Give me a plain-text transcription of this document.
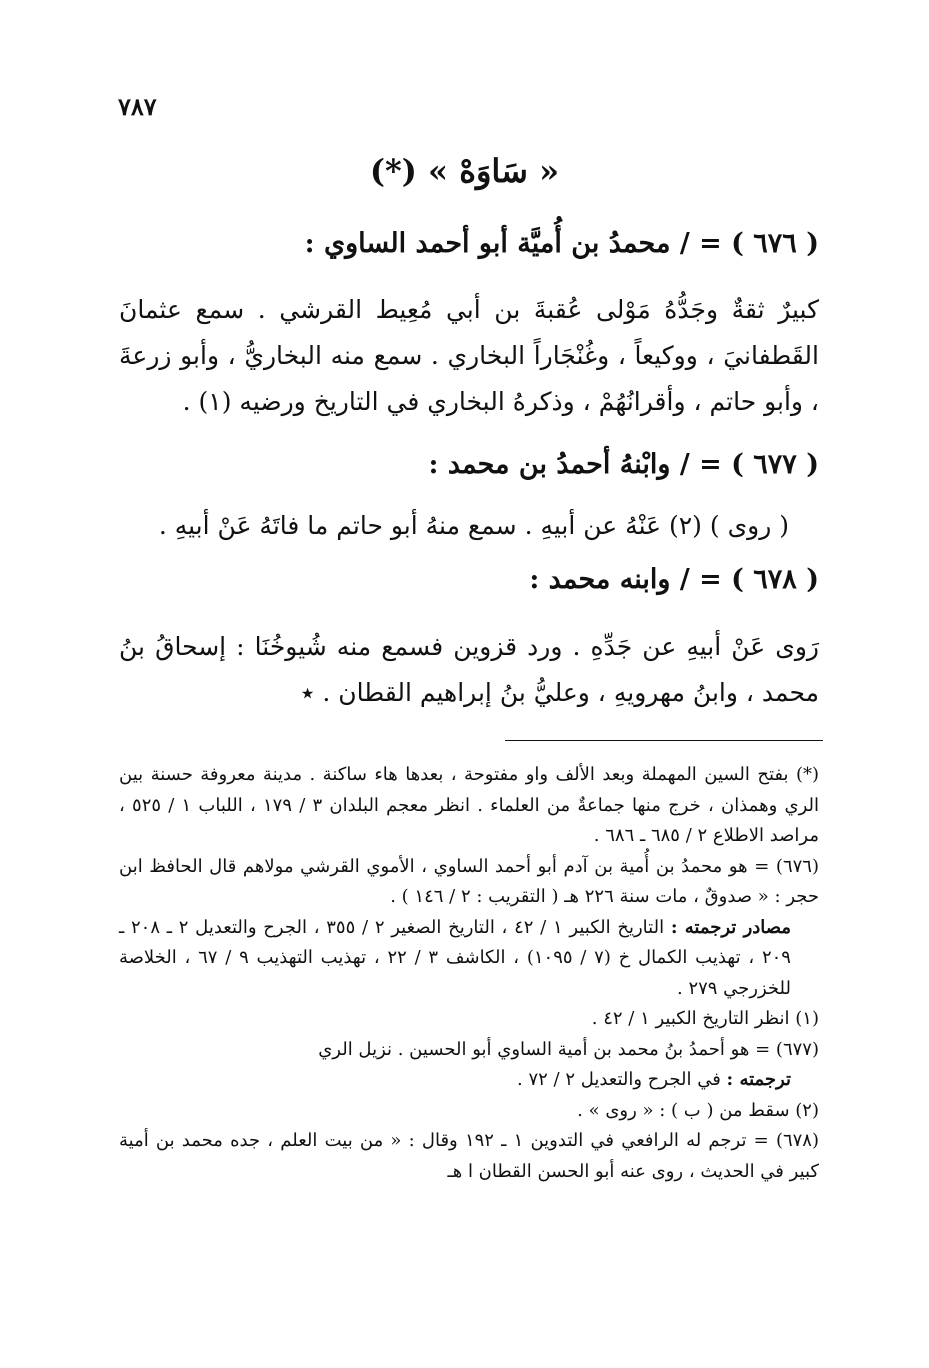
٧٨٧
« سَاوَهْ » (*)
( ٦٧٦ ) = / محمدُ بن أُميَّة أبو أحمد الساوي :
كبيرٌ ثقةٌ وجَدُّهُ مَوْلى عُقبةَ بن أبي مُعِيط القرشي . سمع عثمانَ القَطفانيَ ، ووكيعاً ، وغُنْجَاراً البخاري . سمع منه البخاريُّ ، وأبو زرعةَ ، وأبو حاتم ، وأقرانُهُمْ ، وذكرهُ البخاري في التاريخ ورضيه (١) .
( ٦٧٧ ) = / وابْنهُ أحمدُ بن محمد :
( روى ) (٢) عَنْهُ عن أبيهِ . سمع منهُ أبو حاتم ما فاتَهُ عَنْ أبيهِ .
( ٦٧٨ ) = / وابنه محمد :
رَوى عَنْ أبيهِ عن جَدِّهِ . ورد قزوين فسمع منه شُيوخُنَا : إسحاقُ بنُ محمد ، وابنُ مهرويهِ ، وعليُّ بنُ إبراهيم القطان . ٭
(*) بفتح السين المهملة وبعد الألف واو مفتوحة ، بعدها هاء ساكنة . مدينة معروفة حسنة بين الري وهمذان ، خرج منها جماعةٌ من العلماء . انظر معجم البلدان ٣ / ١٧٩ ، اللباب ١ / ٥٢٥ ، مراصد الاطلاع ٢ / ٦٨٥ ـ ٦٨٦ .
(٦٧٦) = هو محمدُ بن أُمية بن آدم أبو أحمد الساوي ، الأموي القرشي مولاهم قال الحافظ ابن حجر : « صدوقٌ ، مات سنة ٢٢٦ هـ ( التقريب : ٢ / ١٤٦ ) .
مصادر ترجمته : التاريخ الكبير ١ / ٤٢ ، التاريخ الصغير ٢ / ٣٥٥ ، الجرح والتعديل ٢ ـ ٢٠٨ ـ ٢٠٩ ، تهذيب الكمال خ (٧ / ١٠٩٥) ، الكاشف ٣ / ٢٢ ، تهذيب التهذيب ٩ / ٦٧ ، الخلاصة للخزرجي ٢٧٩ .
(١) انظر التاريخ الكبير ١ / ٤٢ .
(٦٧٧) = هو أحمدُ بنُ محمد بن أمية الساوي أبو الحسين . نزيل الري
ترجمته : في الجرح والتعديل ٢ / ٧٢ .
(٢) سقط من ( ب ) : « روى » .
(٦٧٨) = ترجم له الرافعي في التدوين ١ ـ ١٩٢ وقال : « من بيت العلم ، جده محمد بن أمية كبير في الحديث ، روى عنه أبو الحسن القطان ا هـ
